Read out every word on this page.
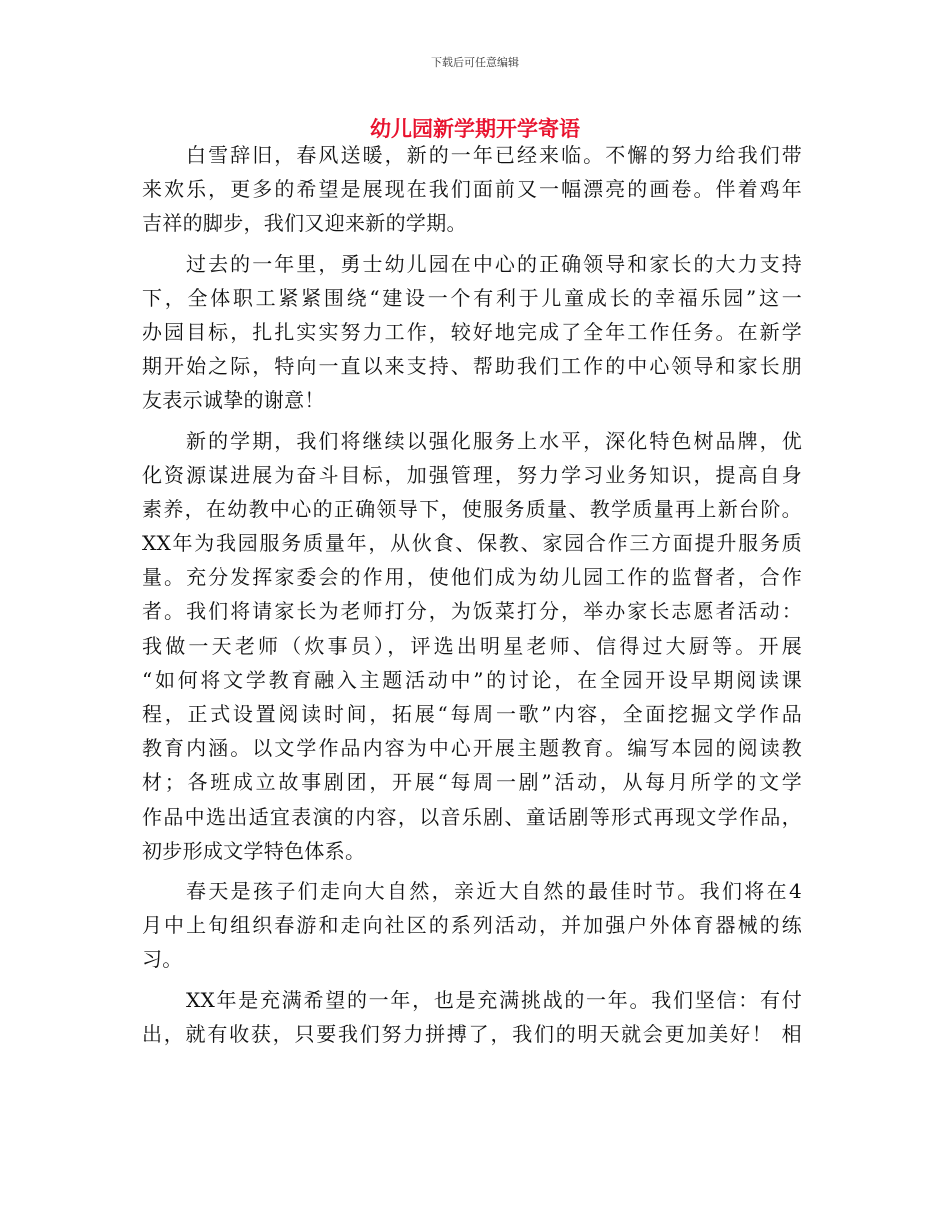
下载后可任意编辑
幼儿园新学期开学寄语
白雪辞旧，春风送暖，新的一年已经来临。不懈的努力给我们带
来欢乐，更多的希望是展现在我们面前又一幅漂亮的画卷。伴着鸡年
吉祥的脚步，我们又迎来新的学期。
过去的一年里，勇士幼儿园在中心的正确领导和家长的大力支持
下，全体职工紧紧围绕“建设一个有利于儿童成长的幸福乐园”这一
办园目标，扎扎实实努力工作，较好地完成了全年工作任务。在新学
期开始之际，特向一直以来支持、帮助我们工作的中心领导和家长朋
友表示诚挚的谢意！
新的学期，我们将继续以强化服务上水平，深化特色树品牌，优
化资源谋进展为奋斗目标，加强管理，努力学习业务知识，提高自身
素养，在幼教中心的正确领导下，使服务质量、教学质量再上新台阶。
XX年为我园服务质量年，从伙食、保教、家园合作三方面提升服务质
量。充分发挥家委会的作用，使他们成为幼儿园工作的监督者，合作
者。我们将请家长为老师打分，为饭菜打分，举办家长志愿者活动：
我做一天老师（炊事员），评选出明星老师、信得过大厨等。开展
“如何将文学教育融入主题活动中”的讨论，在全园开设早期阅读课
程，正式设置阅读时间，拓展“每周一歌”内容，全面挖掘文学作品
教育内涵。以文学作品内容为中心开展主题教育。编写本园的阅读教
材；各班成立故事剧团，开展“每周一剧”活动，从每月所学的文学
作品中选出适宜表演的内容，以音乐剧、童话剧等形式再现文学作品，
初步形成文学特色体系。
春天是孩子们走向大自然，亲近大自然的最佳时节。我们将在4
月中上旬组织春游和走向社区的系列活动，并加强户外体育器械的练
习。
XX年是充满希望的一年，也是充满挑战的一年。我们坚信：有付
出，就有收获，只要我们努力拼搏了，我们的明天就会更加美好！ 相
